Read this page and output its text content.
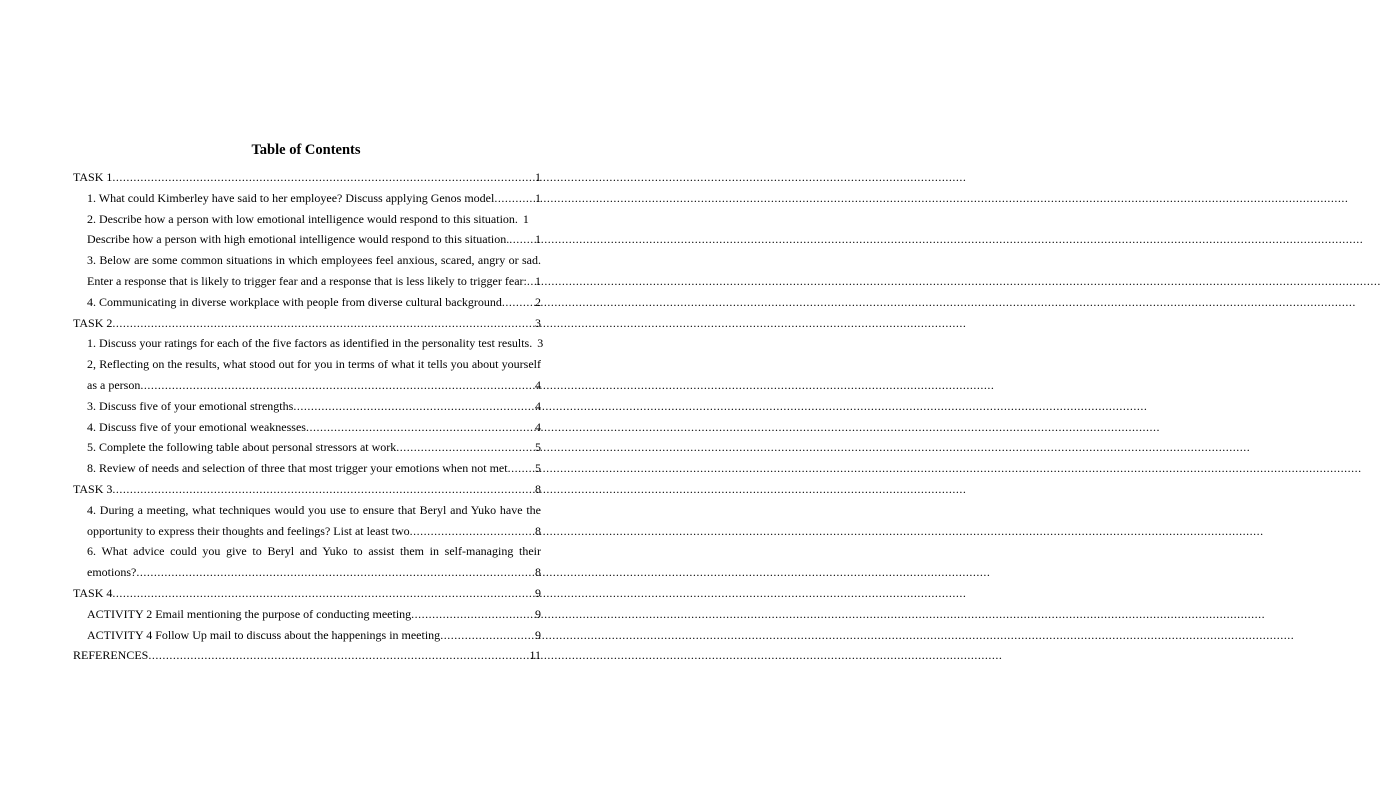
Table of Contents
TASK 1 .....	1
1. What could Kimberley have said to her employee? Discuss applying Genos model .....	1
2. Describe how a person with low emotional intelligence would respond to this situation. 1
Describe how a person with high emotional intelligence would respond to this situation. ..... 1
3. Below are some common situations in which employees feel anxious, scared, angry or sad.
Enter a response that is likely to trigger fear and a response that is less likely to trigger fear: ..... 1
4. Communicating in diverse workplace with people from diverse cultural background .....	2
TASK 2 .....	3
1. Discuss your ratings for each of the five factors as identified in the personality test results. 3
2, Reflecting on the results, what stood out for you in terms of what it tells you about yourself
as a person .....	4
3. Discuss five of your emotional strengths .....	4
4. Discuss five of your emotional weaknesses .....	4
5. Complete the following table about personal stressors at work .....	5
8. Review of needs and selection of three that most trigger your emotions when not met ..... 5
TASK 3 .....	8
4. During a meeting, what techniques would you use to ensure that Beryl and Yuko have the
opportunity to express their thoughts and feelings? List at least two .....	8
6. What advice could you give to Beryl and Yuko to assist them in self-managing their
emotions? .....	8
TASK 4 .....	9
ACTIVITY 2 Email mentioning the purpose of conducting meeting .....	9
ACTIVITY 4 Follow Up mail to discuss about the happenings in meeting .....	9
REFERENCES .....	11
